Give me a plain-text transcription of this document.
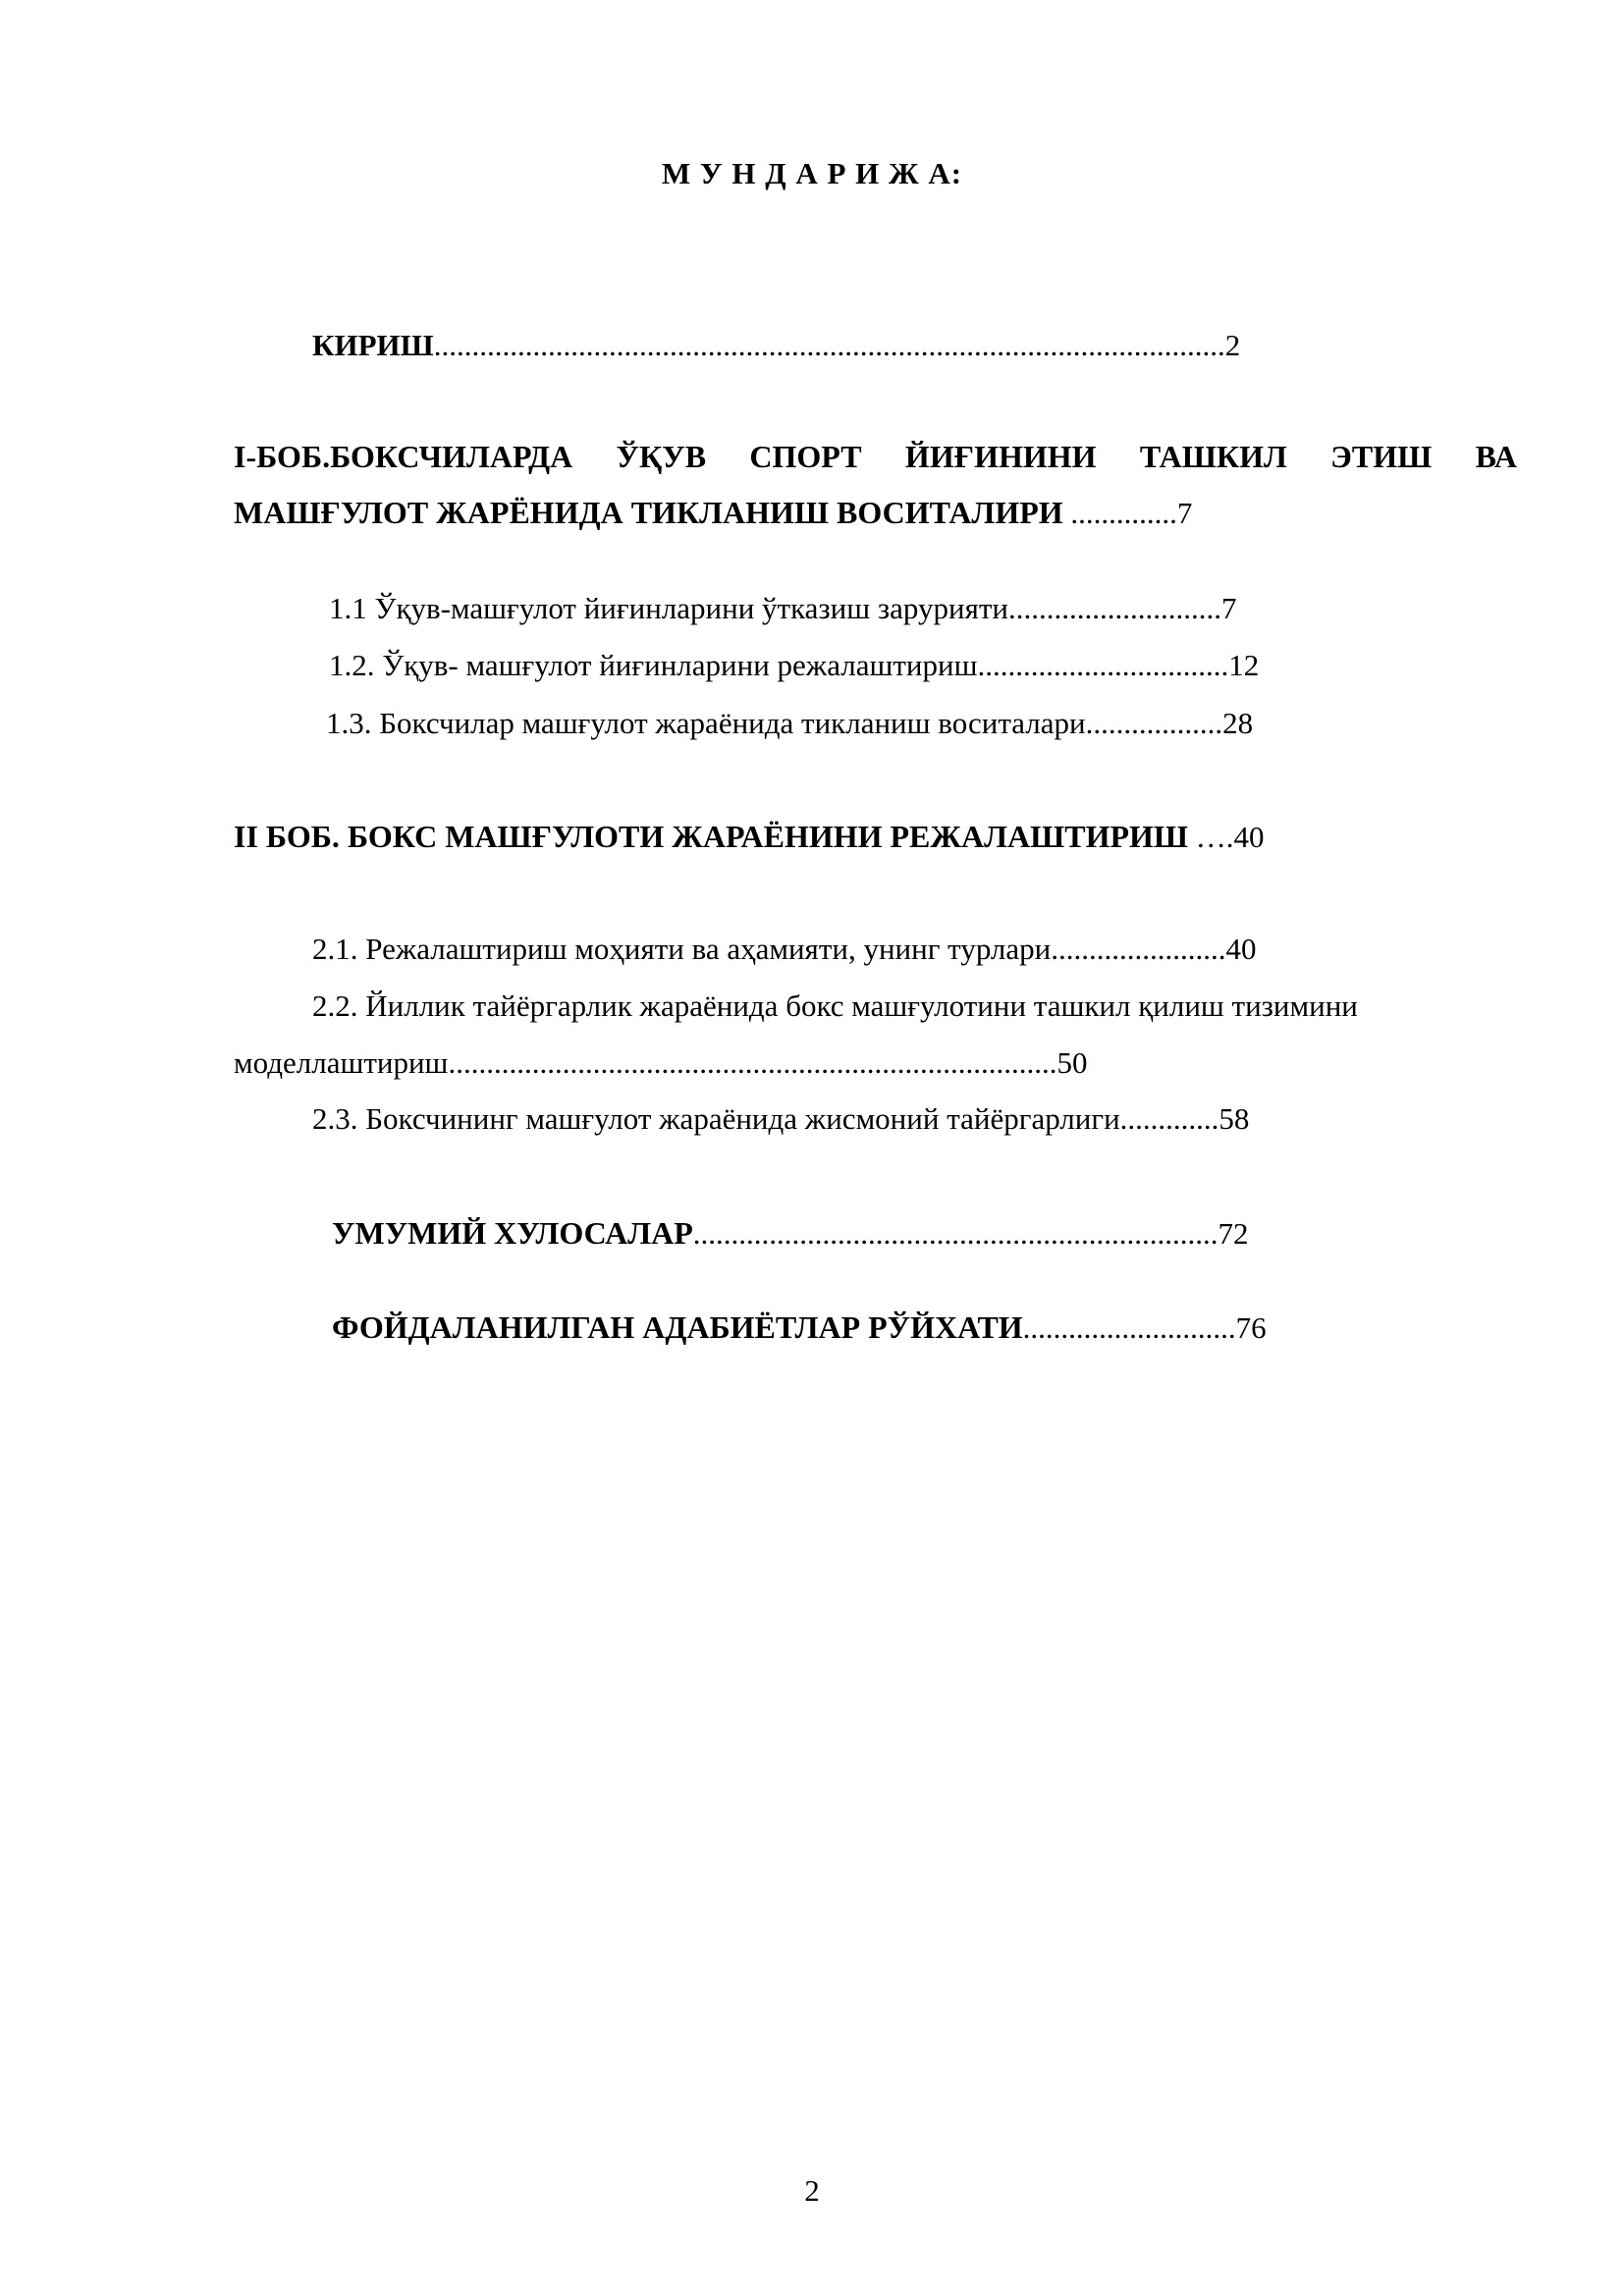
М У Н Д А Р И Ж А:
КИРИШ........................................................................................................2
I-БОБ.БОКСЧИЛАРДА ЎҚУВ СПОРТ ЙИҒИНИНИ ТАШКИЛ ЭТИШ ВА
МАШҒУЛОТ ЖАРЁНИДА ТИКЛАНИШ ВОСИТАЛИРИ ..............7
1.1 Ўқув-машғулот йиғинларини ўтказиш зарурияти............................7
1.2. Ўқув- машғулот йиғинларини режалаштириш.................................12
1.3. Боксчилар машғулот жараёнида тикланиш воситалари..................28
II БОБ. БОКС МАШҒУЛОТИ ЖАРАЁНИНИ РЕЖАЛАШТИРИШ ….40
2.1. Режалаштириш моҳияти ва аҳамияти, унинг турлари.......................40
2.2. Йиллик тайёргарлик жараёнида бокс машғулотини ташкил қилиш тизимини
моделлаштириш................................................................................50
2.3. Боксчининг машғулот жараёнида жисмоний тайёргарлиги.............58
УМУМИЙ ХУЛОСАЛАР.....................................................................72
ФОЙДАЛАНИЛГАН АДАБИЁТЛАР РЎЙХАТИ............................76
2
